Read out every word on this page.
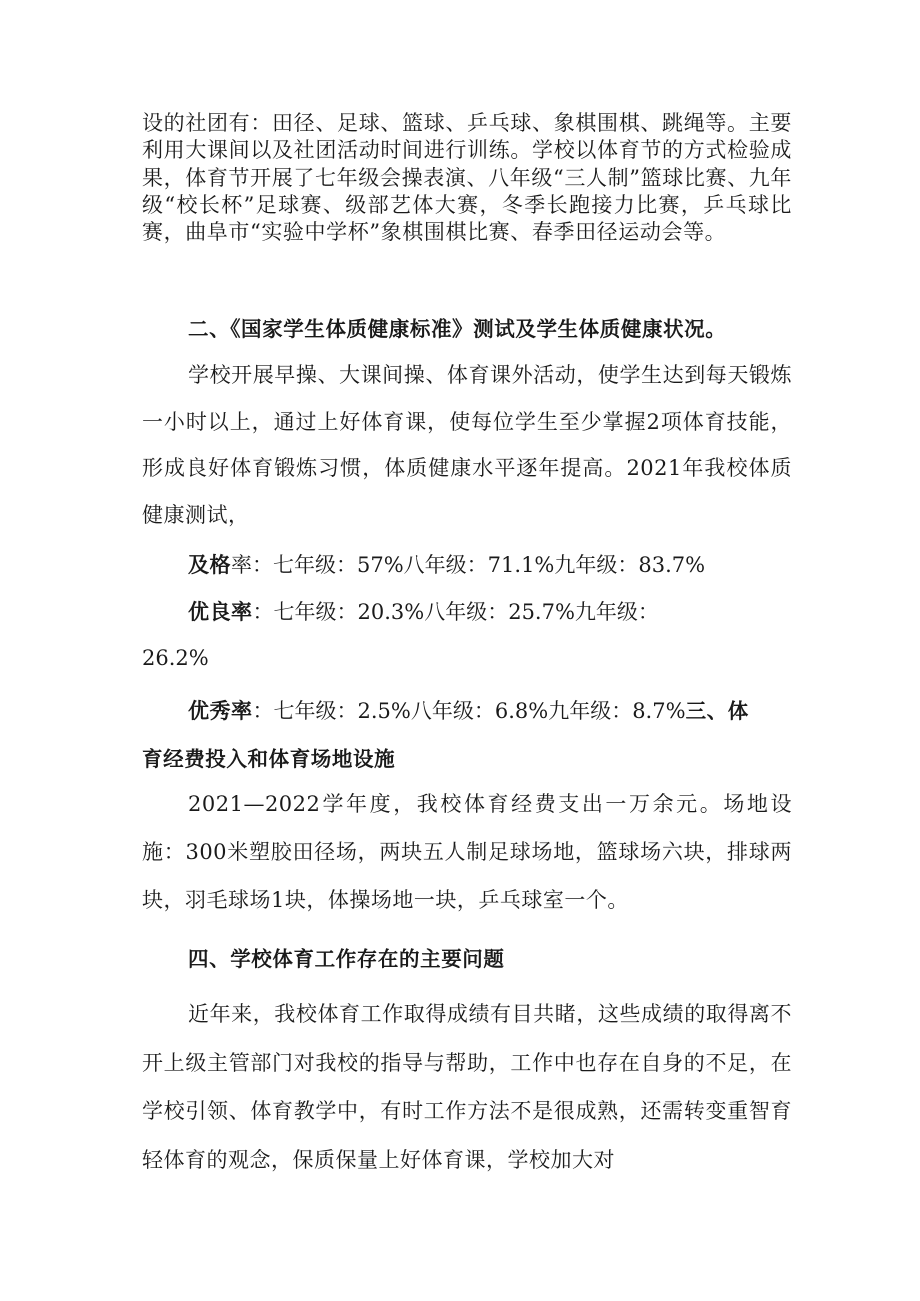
设的社团有：田径、足球、篮球、乒乓球、象棋围棋、跳绳等。主要利用大课间以及社团活动时间进行训练。学校以体育节的方式检验成果，体育节开展了七年级会操表演、八年级“三人制”篮球比赛、九年级“校长杯”足球赛、级部艺体大赛，冬季长跑接力比赛，乒乓球比赛，曲阜市“实验中学杯”象棋围棋比赛、春季田径运动会等。

二、《国家学生体质健康标准》测试及学生体质健康状况。

学校开展早操、大课间操、体育课外活动，使学生达到每天锻炼一小时以上，通过上好体育课，使每位学生至少掌握2项体育技能，形成良好体育锻炼习惯，体质健康水平逐年提高。2021年我校体质健康测试，

及格率：七年级：57%八年级：71.1%九年级：83.7%

优良率：七年级：20.3%八年级：25.7%九年级：

26.2%

优秀率：七年级：2.5%八年级：6.8%九年级：8.7%三、体

育经费投入和体育场地设施

2021—2022学年度，我校体育经费支出一万余元。场地设施：300米塑胶田径场，两块五人制足球场地，篮球场六块，排球两块，羽毛球场1块，体操场地一块，乒乓球室一个。

四、学校体育工作存在的主要问题

近年来，我校体育工作取得成绩有目共睹，这些成绩的取得离不开上级主管部门对我校的指导与帮助，工作中也存在自身的不足，在学校引领、体育教学中，有时工作方法不是很成熟，还需转变重智育轻体育的观念，保质保量上好体育课，学校加大对
